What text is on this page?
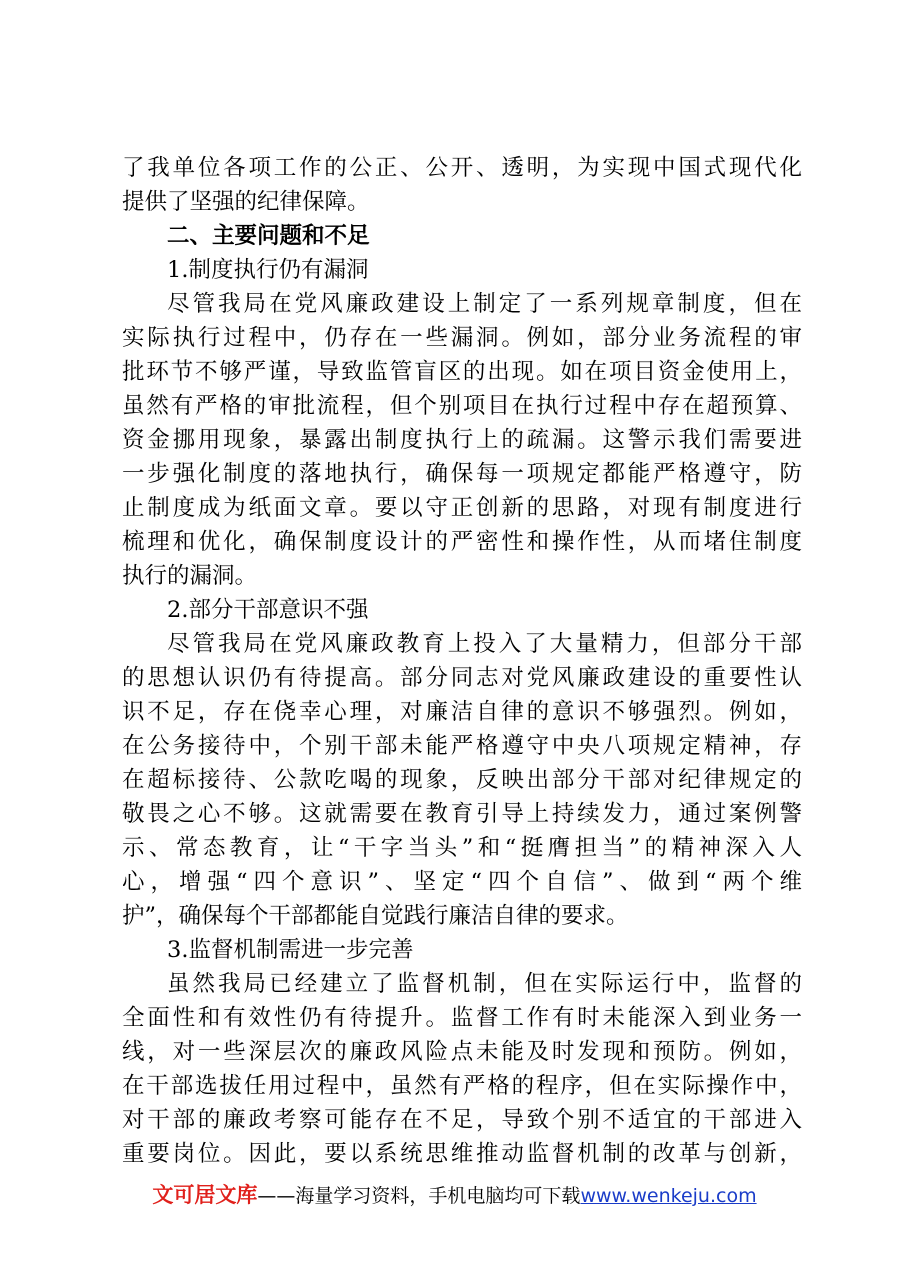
了我单位各项工作的公正、公开、透明，为实现中国式现代化
提供了坚强的纪律保障。
二、主要问题和不足
1.制度执行仍有漏洞
尽管我局在党风廉政建设上制定了一系列规章制度，但在
实际执行过程中，仍存在一些漏洞。例如，部分业务流程的审
批环节不够严谨，导致监管盲区的出现。如在项目资金使用上，
虽然有严格的审批流程，但个别项目在执行过程中存在超预算、
资金挪用现象，暴露出制度执行上的疏漏。这警示我们需要进
一步强化制度的落地执行，确保每一项规定都能严格遵守，防
止制度成为纸面文章。要以守正创新的思路，对现有制度进行
梳理和优化，确保制度设计的严密性和操作性，从而堵住制度
执行的漏洞。
2.部分干部意识不强
尽管我局在党风廉政教育上投入了大量精力，但部分干部
的思想认识仍有待提高。部分同志对党风廉政建设的重要性认
识不足，存在侥幸心理，对廉洁自律的意识不够强烈。例如，
在公务接待中，个别干部未能严格遵守中央八项规定精神，存
在超标接待、公款吃喝的现象，反映出部分干部对纪律规定的
敬畏之心不够。这就需要在教育引导上持续发力，通过案例警
示、常态教育，让“干字当头”和“挺膺担当”的精神深入人
心，增强“四个意识”、坚定“四个自信”、做到“两个维
护”，确保每个干部都能自觉践行廉洁自律的要求。
3.监督机制需进一步完善
虽然我局已经建立了监督机制，但在实际运行中，监督的
全面性和有效性仍有待提升。监督工作有时未能深入到业务一
线，对一些深层次的廉政风险点未能及时发现和预防。例如，
在干部选拔任用过程中，虽然有严格的程序，但在实际操作中，
对干部的廉政考察可能存在不足，导致个别不适宜的干部进入
重要岗位。因此，要以系统思维推动监督机制的改革与创新，
文可居文库——海量学习资料，手机电脑均可下载www.wenkeju.com
